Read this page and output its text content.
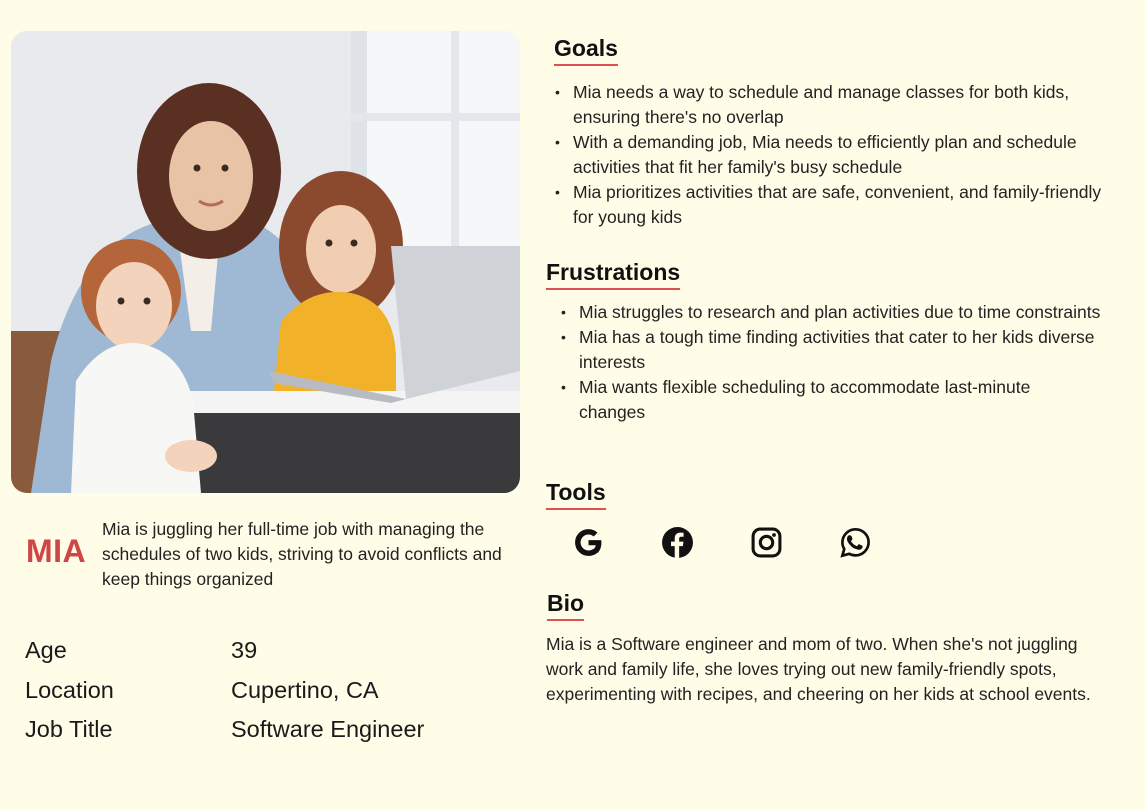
MIA
Mia is juggling her full-time job with managing the schedules of two kids, striving to avoid conflicts and keep things organized
Age	39
Location	Cupertino, CA
Job Title	Software Engineer
Goals
• Mia needs a way to schedule and manage classes for both kids, ensuring there's no overlap
• With a demanding job, Mia needs to efficiently plan and schedule activities that fit her family's busy schedule
• Mia prioritizes activities that are safe, convenient, and family-friendly for young kids
Frustrations
• Mia struggles to research and plan activities due to time constraints
• Mia has a tough time finding activities that cater to her kids diverse interests
• Mia wants flexible scheduling to accommodate last-minute changes
Tools
Bio
Mia is a Software engineer and mom of two. When she's not juggling work and family life, she loves trying out new family-friendly spots, experimenting with recipes, and cheering on her kids at school events.
